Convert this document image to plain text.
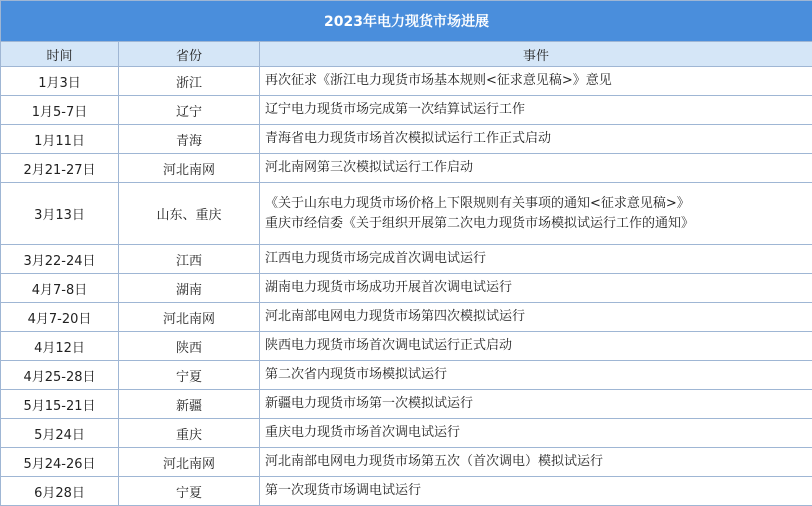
2023年电力现货市场进展		
时间	省份	事件
1月3日	浙江	再次征求《浙江电力现货市场基本规则<征求意见稿>》意见

1月5-7日	辽宁	辽宁电力现货市场完成第一次结算试运行工作

1月11日	青海	青海省电力现货市场首次模拟试运行工作正式启动

2月21-27日	河北南网	河北南网第三次模拟试运行工作启动

3月13日	山东、重庆	《关于山东电力现货市场价格上下限规则有关事项的通知<征求意见稿>》
重庆市经信委《关于组织开展第二次电力现货市场模拟试运行工作的通知》

3月22-24日	江西	江西电力现货市场完成首次调电试运行

4月7-8日	湖南	湖南电力现货市场成功开展首次调电试运行

4月7-20日	河北南网	河北南部电网电力现货市场第四次模拟试运行

4月12日	陕西	陕西电力现货市场首次调电试运行正式启动

4月25-28日	宁夏	第二次省内现货市场模拟试运行

5月15-21日	新疆	新疆电力现货市场第一次模拟试运行

5月24日	重庆	重庆电力现货市场首次调电试运行

5月24-26日	河北南网	河北南部电网电力现货市场第五次（首次调电）模拟试运行

6月28日	宁夏	第一次现货市场调电试运行
